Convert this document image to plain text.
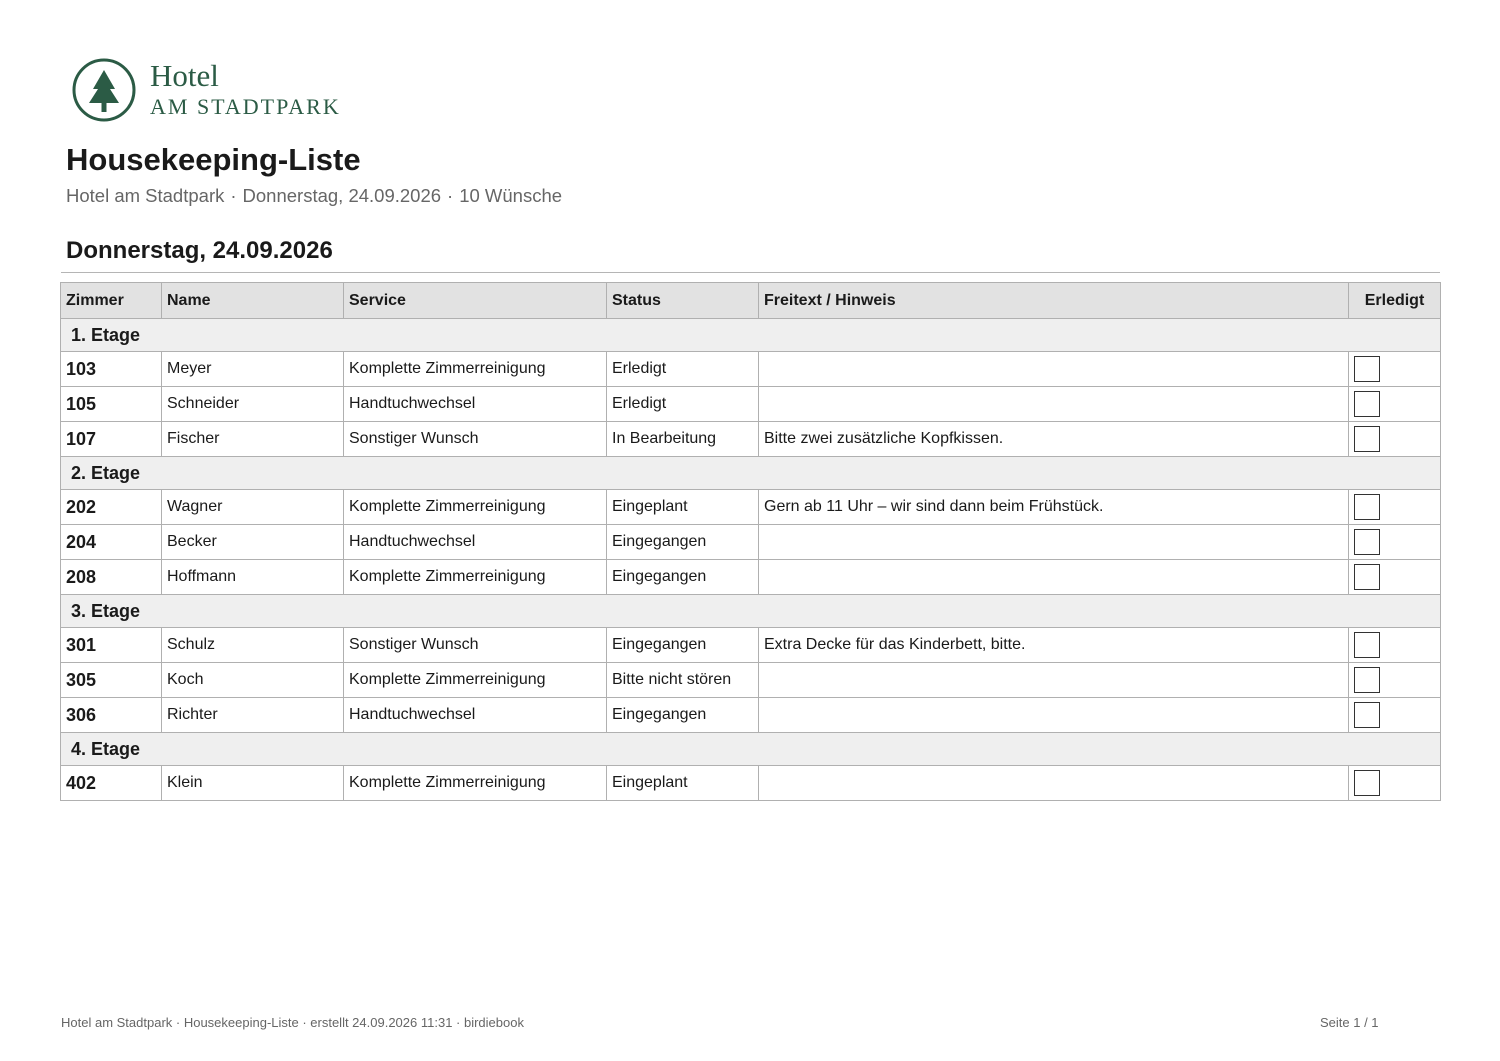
Hotel
AM STADTPARK
Housekeeping-Liste
Hotel am Stadtpark · Donnerstag, 24.09.2026 · 10 Wünsche
Donnerstag, 24.09.2026
Zimmer	Name	Service	Status	Freitext / Hinweis	Erledigt
1. Etage					
103	Meyer	Komplette Zimmerreinigung	Erledigt		
105	Schneider	Handtuchwechsel	Erledigt		
107	Fischer	Sonstiger Wunsch	In Bearbeitung	Bitte zwei zusätzliche Kopfkissen.	
2. Etage					
202	Wagner	Komplette Zimmerreinigung	Eingeplant	Gern ab 11 Uhr – wir sind dann beim Frühstück.	
204	Becker	Handtuchwechsel	Eingegangen		
208	Hoffmann	Komplette Zimmerreinigung	Eingegangen		
3. Etage					
301	Schulz	Sonstiger Wunsch	Eingegangen	Extra Decke für das Kinderbett, bitte.	
305	Koch	Komplette Zimmerreinigung	Bitte nicht stören		
306	Richter	Handtuchwechsel	Eingegangen		
4. Etage					
402	Klein	Komplette Zimmerreinigung	Eingeplant		
Hotel am Stadtpark · Housekeeping-Liste · erstellt 24.09.2026 11:31 · birdiebook	Seite 1 / 1
